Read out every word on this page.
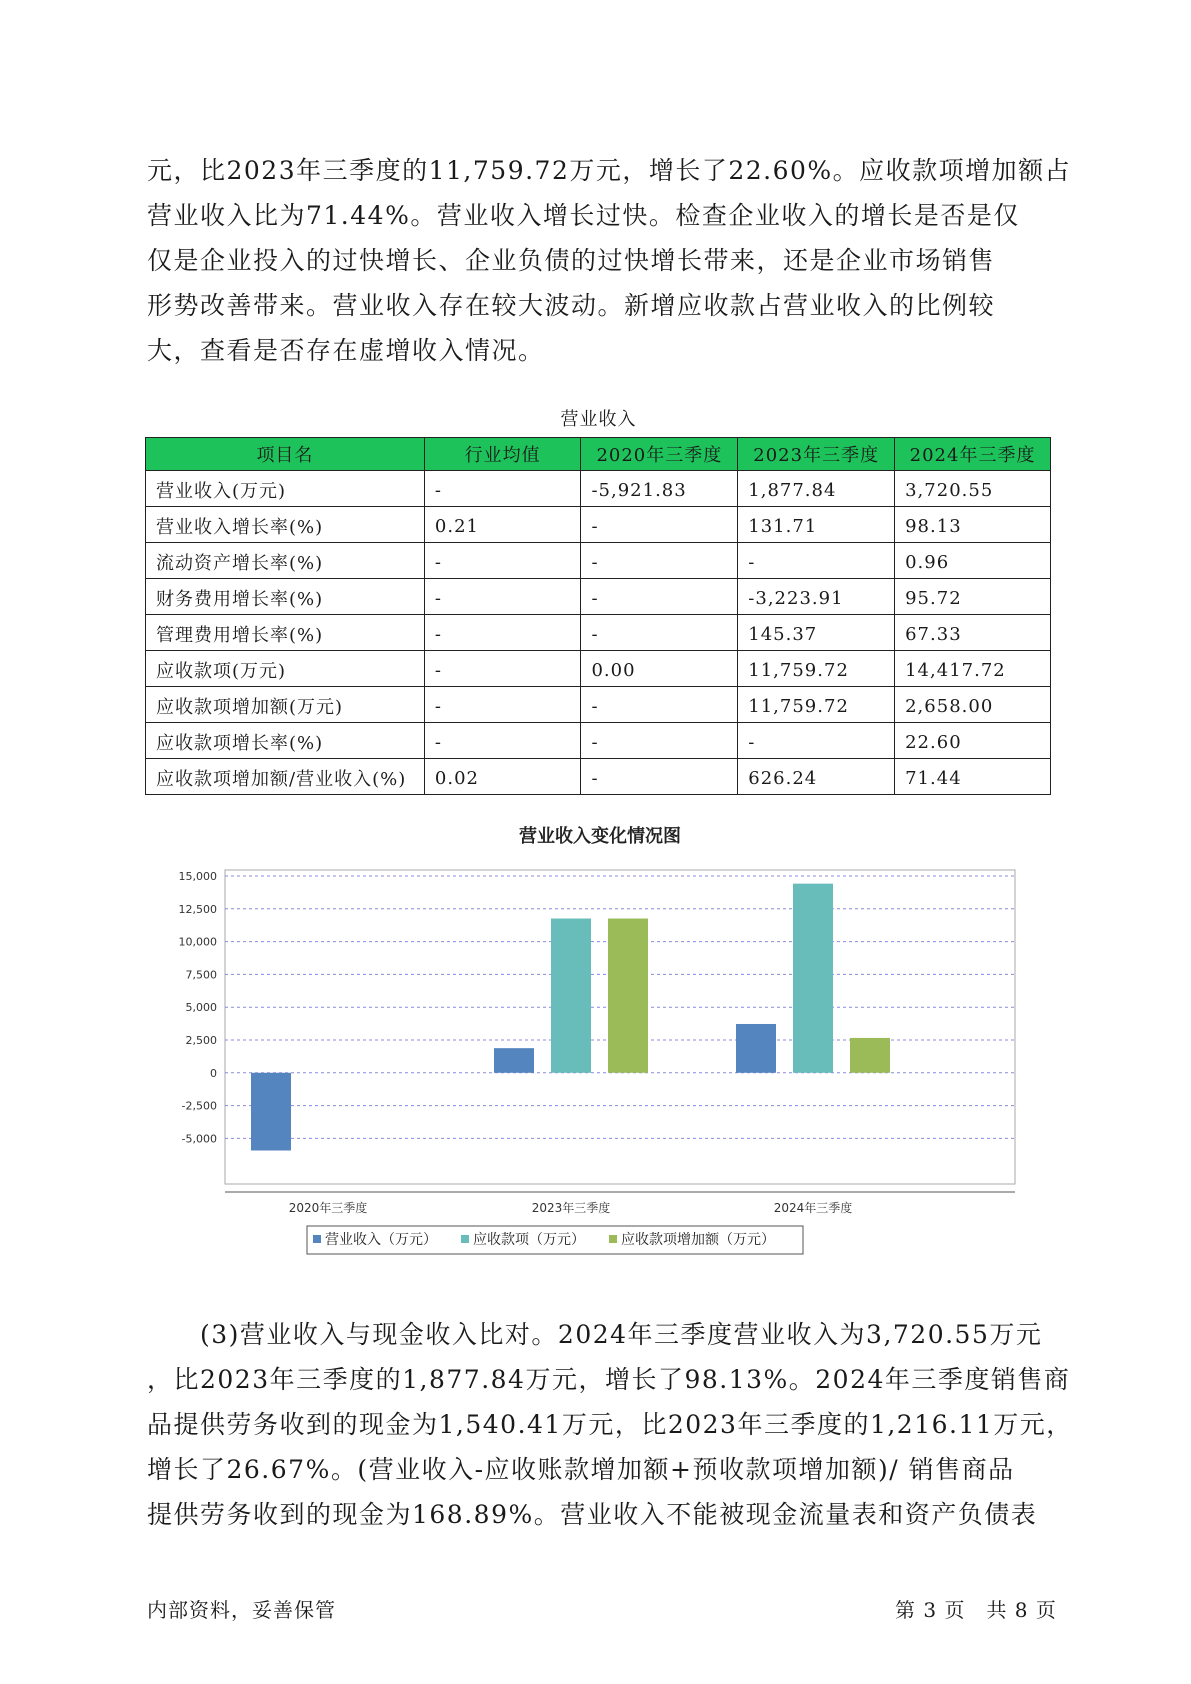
元，比2023年三季度的11,759.72万元，增长了22.60%。应收款项增加额占
营业收入比为71.44%。营业收入增长过快。检查企业收入的增长是否是仅
仅是企业投入的过快增长、企业负债的过快增长带来，还是企业市场销售
形势改善带来。营业收入存在较大波动。新增应收款占营业收入的比例较
大，查看是否存在虚增收入情况。
营业收入
项目名	行业均值	2020年三季度	2023年三季度	2024年三季度
营业收入(万元)	-	-5,921.83	1,877.84	3,720.55
营业收入增长率(%)	0.21	-	131.71	98.13
流动资产增长率(%)	-	-	-	0.96
财务费用增长率(%)	-	-	-3,223.91	95.72
管理费用增长率(%)	-	-	145.37	67.33
应收款项(万元)	-	0.00	11,759.72	14,417.72
应收款项增加额(万元)	-	-	11,759.72	2,658.00
应收款项增长率(%)	-	-	-	22.60
应收款项增加额/营业收入(%)	0.02	-	626.24	71.44
营业收入变化情况图
15,000
12,500
10,000
7,500
5,000
2,500
0
-2,500
-5,000
2020年三季度	2023年三季度	2024年三季度
营业收入（万元）	应收款项（万元）	应收款项增加额（万元）
　　(3)营业收入与现金收入比对。2024年三季度营业收入为3,720.55万元
，比2023年三季度的1,877.84万元，增长了98.13%。2024年三季度销售商
品提供劳务收到的现金为1,540.41万元，比2023年三季度的1,216.11万元，
增长了26.67%。(营业收入-应收账款增加额+预收款项增加额)/ 销售商品
提供劳务收到的现金为168.89%。营业收入不能被现金流量表和资产负债表
内部资料，妥善保管	第 3 页　共 8 页
